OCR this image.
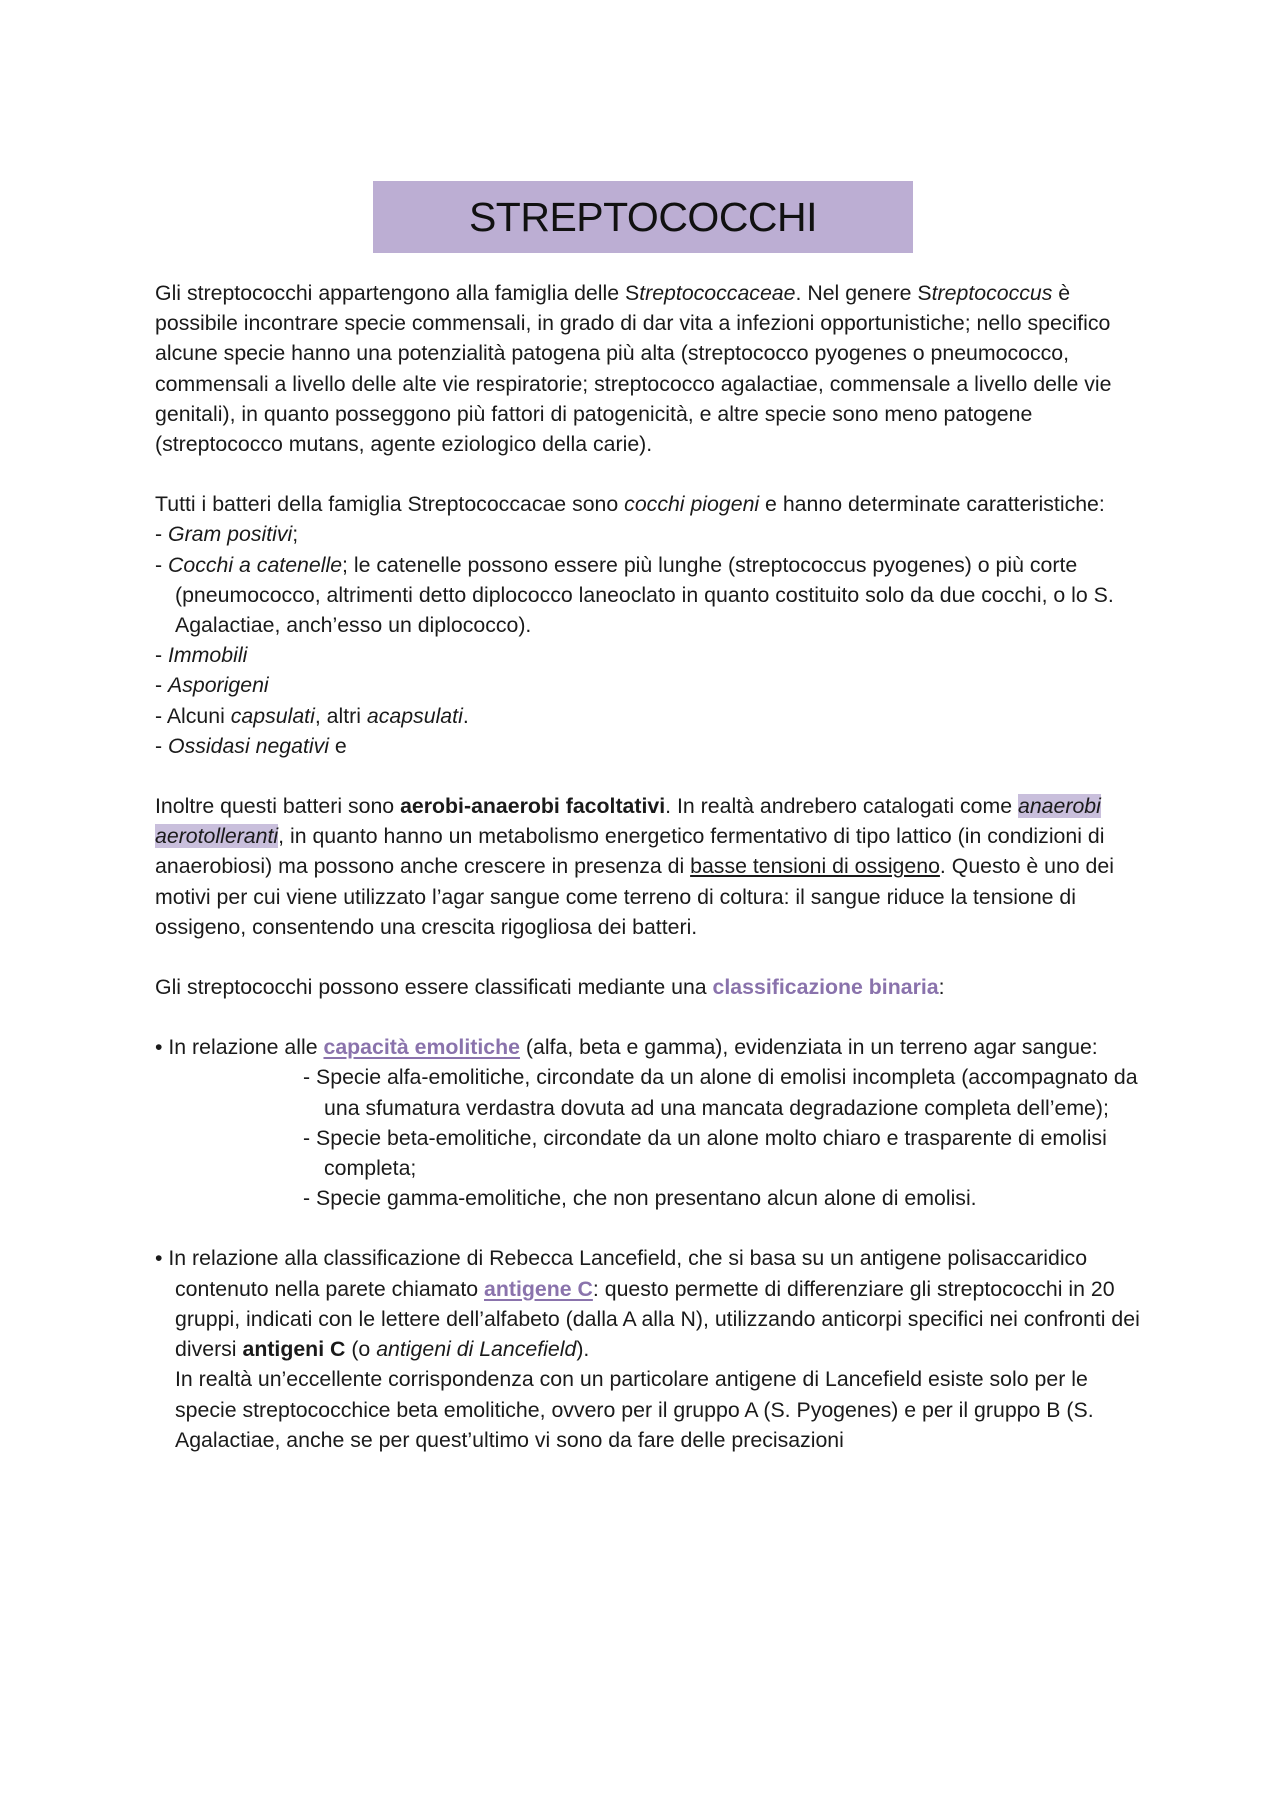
STREPTOCOCCHI

Gli streptococchi appartengono alla famiglia delle Streptococcaceae. Nel genere Streptococcus è possibile incontrare specie commensali, in grado di dar vita a infezioni opportunistiche; nello specifico alcune specie hanno una potenzialità patogena più alta (streptococco pyogenes o pneumococco, commensali a livello delle alte vie respiratorie; streptococco agalactiae, commensale a livello delle vie genitali), in quanto posseggono più fattori di patogenicità, e altre specie sono meno patogene (streptococco mutans, agente eziologico della carie).

Tutti i batteri della famiglia Streptococcacae sono cocchi piogeni e hanno determinate caratteristiche:

- Gram positivi;

- Cocchi a catenelle; le catenelle possono essere più lunghe (streptococcus pyogenes) o più corte (pneumococco, altrimenti detto diplococco laneoclato in quanto costituito solo da due cocchi, o lo S. Agalactiae, anch’esso un diplococco).

- Immobili

- Asporigeni

- Alcuni capsulati, altri acapsulati.

- Ossidasi negativi e

Inoltre questi batteri sono aerobi-anaerobi facoltativi. In realtà andrebero catalogati come anaerobi aerotolleranti, in quanto hanno un metabolismo energetico fermentativo di tipo lattico (in condizioni di anaerobiosi) ma possono anche crescere in presenza di basse tensioni di ossigeno. Questo è uno dei motivi per cui viene utilizzato l’agar sangue come terreno di coltura: il sangue riduce la tensione di ossigeno, consentendo una crescita rigogliosa dei batteri.

Gli streptococchi possono essere classificati mediante una classificazione binaria:

• In relazione alle capacità emolitiche (alfa, beta e gamma), evidenziata in un terreno agar sangue:

- Specie alfa-emolitiche, circondate da un alone di emolisi incompleta (accompagnato da una sfumatura verdastra dovuta ad una mancata degradazione completa dell’eme);

- Specie beta-emolitiche, circondate da un alone molto chiaro e trasparente di emolisi completa;

- Specie gamma-emolitiche, che non presentano alcun alone di emolisi.

• In relazione alla classificazione di Rebecca Lancefield, che si basa su un antigene polisaccaridico contenuto nella parete chiamato antigene C: questo permette di differenziare gli streptococchi in 20 gruppi, indicati con le lettere dell’alfabeto (dalla A alla N), utilizzando anticorpi specifici nei confronti dei diversi antigeni C (o antigeni di Lancefield).

In realtà un’eccellente corrispondenza con un particolare antigene di Lancefield esiste solo per le specie streptococchice beta emolitiche, ovvero per il gruppo A (S. Pyogenes) e per il gruppo B (S. Agalactiae, anche se per quest’ultimo vi sono da fare delle precisazioni
